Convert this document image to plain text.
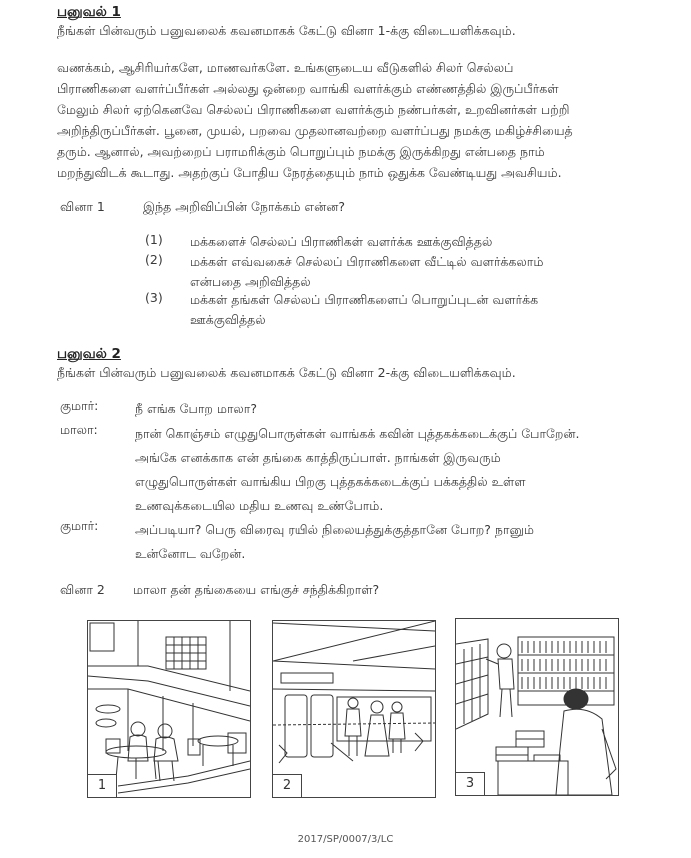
பனுவல் 1
நீங்கள் பின்வரும் பனுவலைக் கவனமாகக் கேட்டு வினா 1-க்கு விடையளிக்கவும்.
வணக்கம், ஆசிரியர்களே, மாணவர்களே. உங்களுடைய வீடுகளில் சிலர் செல்லப்
பிராணிகளை வளர்ப்பீர்கள் அல்லது ஒன்றை வாங்கி வளர்க்கும் எண்ணத்தில் இருப்பீர்கள்
மேலும் சிலர் ஏற்கெனவே செல்லப் பிராணிகளை வளர்க்கும் நண்பர்கள், உறவினர்கள் பற்றி
அறிந்திருப்பீர்கள். பூனை, முயல், பறவை முதலானவற்றை வளர்ப்பது நமக்கு மகிழ்ச்சியைத்
தரும். ஆனால், அவற்றைப் பராமரிக்கும் பொறுப்பும் நமக்கு இருக்கிறது என்பதை நாம்
மறந்துவிடக் கூடாது. அதற்குப் போதிய நேரத்தையும் நாம் ஒதுக்க வேண்டியது அவசியம்.
வினா 1	இந்த அறிவிப்பின் நோக்கம் என்ன?
(1) மக்களைச் செல்லப் பிராணிகள் வளர்க்க ஊக்குவித்தல்
(2) மக்கள் எவ்வகைச் செல்லப் பிராணிகளை வீட்டில் வளர்க்கலாம்
என்பதை அறிவித்தல்
(3) மக்கள் தங்கள் செல்லப் பிராணிகளைப் பொறுப்புடன் வளர்க்க
ஊக்குவித்தல்
பனுவல் 2
நீங்கள் பின்வரும் பனுவலைக் கவனமாகக் கேட்டு வினா 2-க்கு விடையளிக்கவும்.
குமார்:	நீ எங்க போற மாலா?
மாலா:	நான் கொஞ்சம் எழுதுபொருள்கள் வாங்கக் கவின் புத்தகக்கடைக்குப் போறேன்.
அங்கே எனக்காக என் தங்கை காத்திருப்பாள். நாங்கள் இருவரும்
எழுதுபொருள்கள் வாங்கிய பிறகு புத்தகக்கடைக்குப் பக்கத்தில் உள்ள
உணவுக்கடையில மதிய உணவு உண்போம்.
குமார்:	அப்படியா? பெரு விரைவு ரயில் நிலையத்துக்குத்தானே போற? நானும்
உன்னோட வறேன்.
வினா 2 மாலா தன் தங்கையை எங்குச் சந்திக்கிறாள்?
1	2	3
2017/SP/0007/3/LC
